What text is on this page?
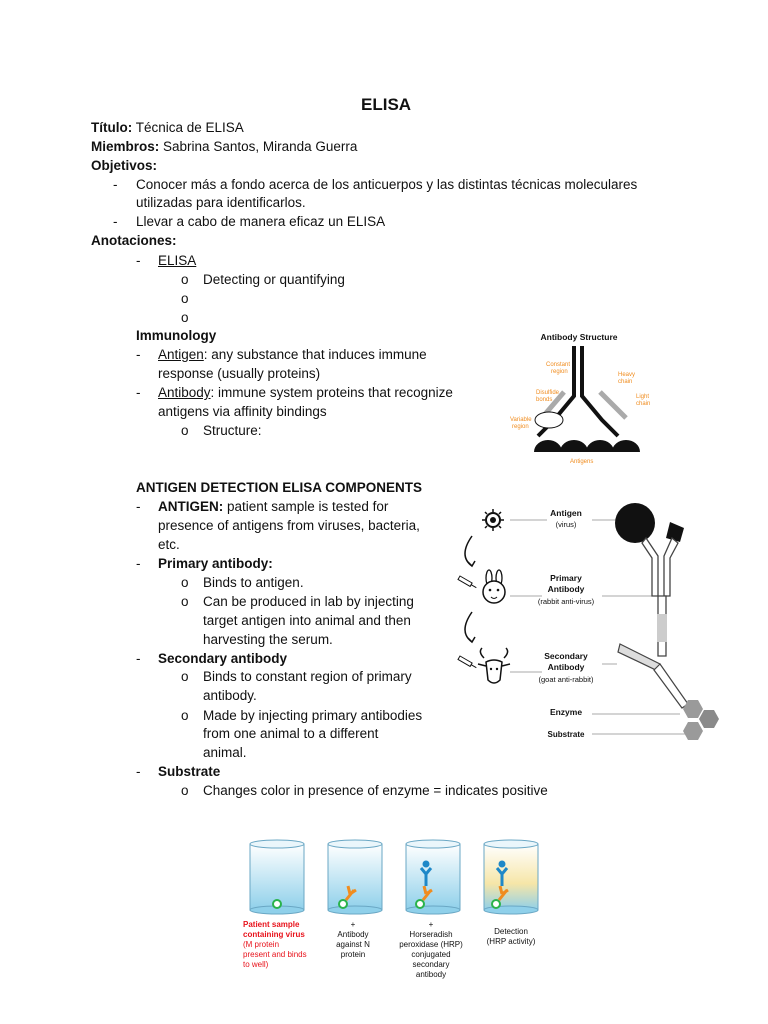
ELISA
Título: Técnica de ELISA
Miembros: Sabrina Santos, Miranda Guerra
Objetivos:
- Conocer más a fondo acerca de los anticuerpos y las distintas técnicas moleculares
utilizadas para identificarlos.
- Llevar a cabo de manera eficaz un ELISA
Anotaciones:
- ELISA
o Detecting or quantifying
o
o
Immunology
- Antigen: any substance that induces immune
response (usually proteins)
- Antibody: immune system proteins that recognize
antigens via affinity bindings
o Structure:
ANTIGEN DETECTION ELISA COMPONENTS
- ANTIGEN: patient sample is tested for
presence of antigens from viruses, bacteria,
etc.
- Primary antibody:
o Binds to antigen.
o Can be produced in lab by injecting
target antigen into animal and then
harvesting the serum.
- Secondary antibody
o Binds to constant region of primary
antibody.
o Made by injecting primary antibodies
from one animal to a different
animal.
- Substrate
o Changes color in presence of enzyme = indicates positive
Antibody Structure
Constant
region	Heavy
chain
Disulfide
bonds	Light
chain
Variable
region
Antigens
Antigen
(virus)
Primary
Antibody
(rabbit anti-virus)
Secondary
Antibody
(goat anti-rabbit)
Enzyme
Substrate
Patient sample
containing virus
(M protein
present and binds
to well)
+
Antibody
against N
protein
+
Horseradish
peroxidase (HRP)
conjugated
secondary
antibody
Detection
(HRP activity)
